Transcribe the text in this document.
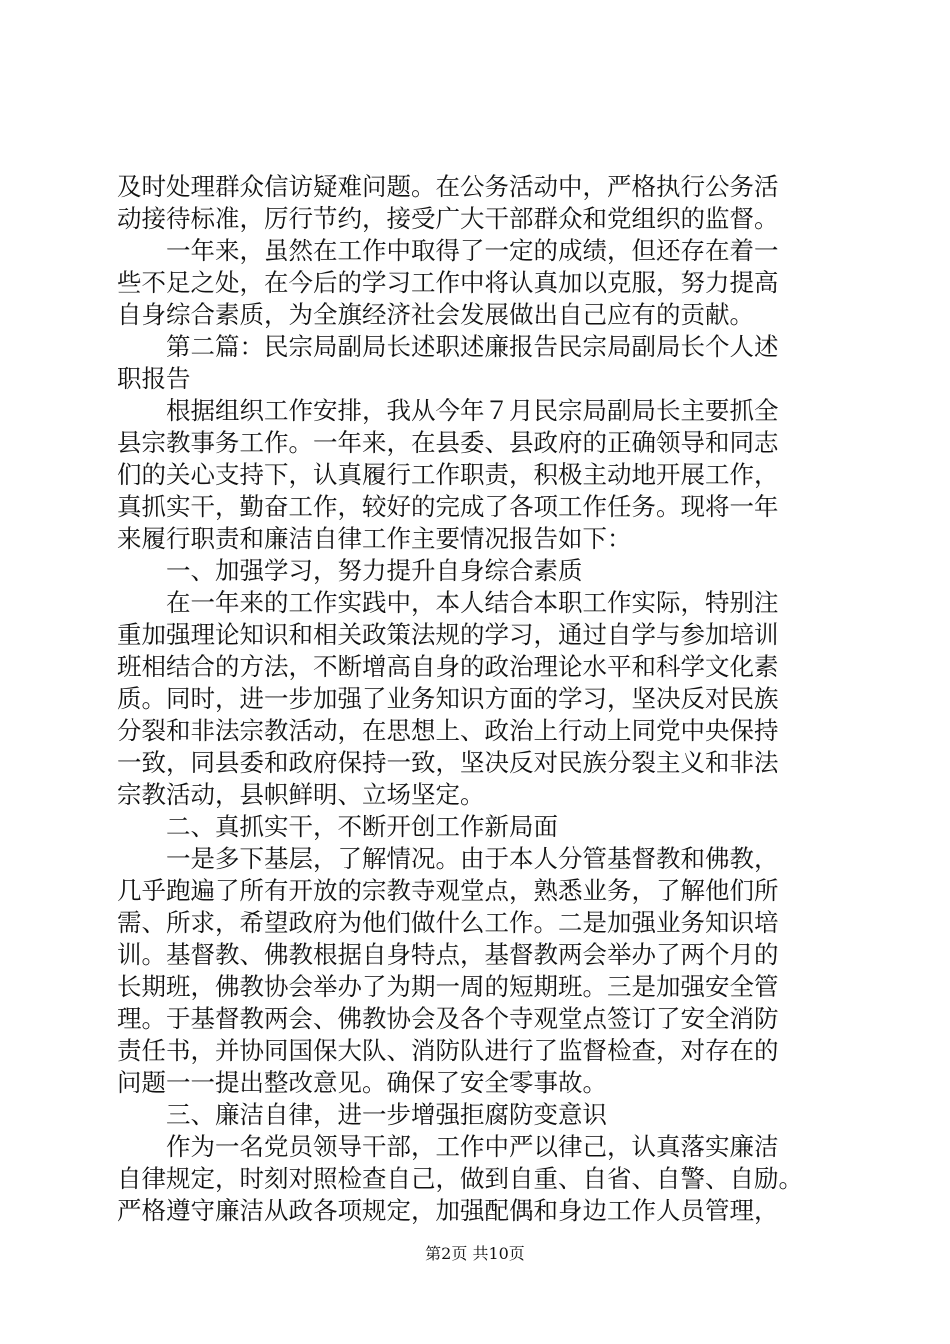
及时处理群众信访疑难问题。在公务活动中，严格执行公务活
动接待标准，厉行节约，接受广大干部群众和党组织的监督。
　　一年来，虽然在工作中取得了一定的成绩，但还存在着一
些不足之处，在今后的学习工作中将认真加以克服，努力提高
自身综合素质，为全旗经济社会发展做出自己应有的贡献。
　　第二篇：民宗局副局长述职述廉报告民宗局副局长个人述
职报告
　　根据组织工作安排，我从今年７月民宗局副局长主要抓全
县宗教事务工作。一年来，在县委、县政府的正确领导和同志
们的关心支持下，认真履行工作职责，积极主动地开展工作，
真抓实干，勤奋工作，较好的完成了各项工作任务。现将一年
来履行职责和廉洁自律工作主要情况报告如下：
　　一、加强学习，努力提升自身综合素质
　　在一年来的工作实践中，本人结合本职工作实际，特别注
重加强理论知识和相关政策法规的学习，通过自学与参加培训
班相结合的方法，不断增高自身的政治理论水平和科学文化素
质。同时，进一步加强了业务知识方面的学习，坚决反对民族
分裂和非法宗教活动，在思想上、政治上行动上同党中央保持
一致，同县委和政府保持一致，坚决反对民族分裂主义和非法
宗教活动，县帜鲜明、立场坚定。
　　二、真抓实干，不断开创工作新局面
　　一是多下基层，了解情况。由于本人分管基督教和佛教，
几乎跑遍了所有开放的宗教寺观堂点，熟悉业务，了解他们所
需、所求，希望政府为他们做什么工作。二是加强业务知识培
训。基督教、佛教根据自身特点，基督教两会举办了两个月的
长期班，佛教协会举办了为期一周的短期班。三是加强安全管
理。于基督教两会、佛教协会及各个寺观堂点签订了安全消防
责任书，并协同国保大队、消防队进行了监督检查，对存在的
问题一一提出整改意见。确保了安全零事故。
　　三、廉洁自律，进一步增强拒腐防变意识
　　作为一名党员领导干部，工作中严以律己，认真落实廉洁
自律规定，时刻对照检查自己，做到自重、自省、自警、自励。
严格遵守廉洁从政各项规定，加强配偶和身边工作人员管理，
第2页 共10页
